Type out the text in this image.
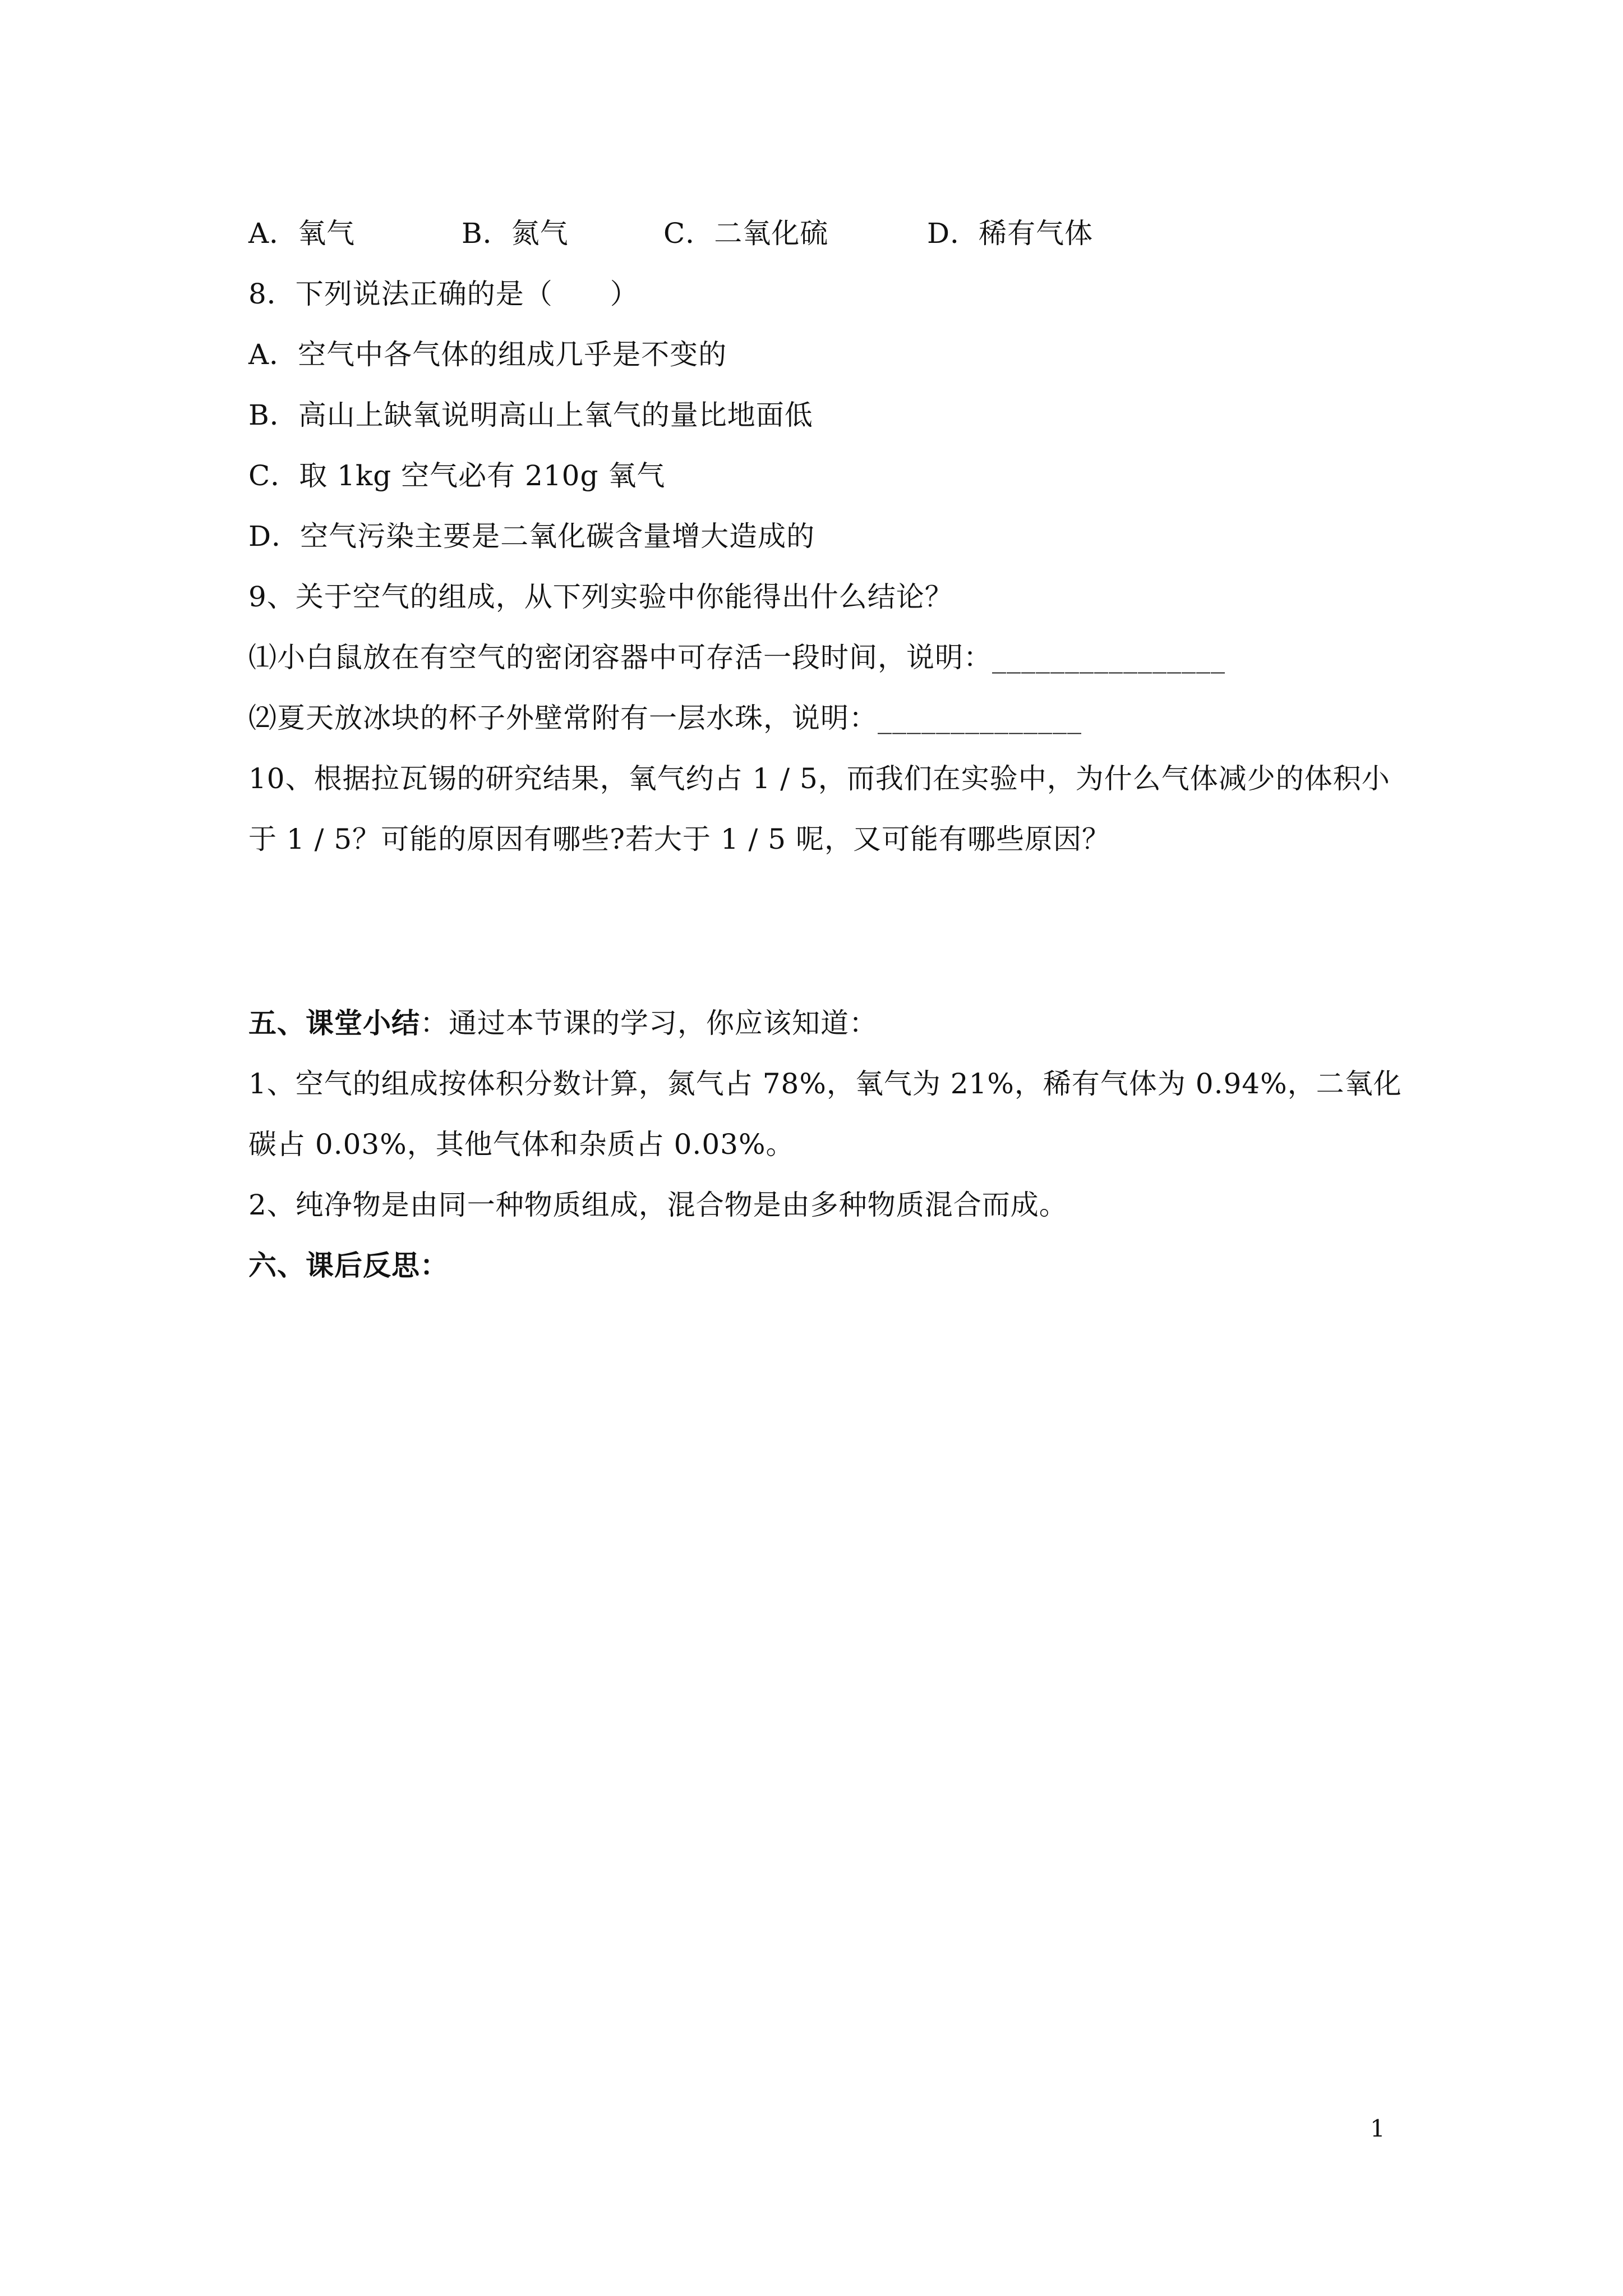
A．氧气	B．氮气	C．二氧化硫	D．稀有气体
8．下列说法正确的是（　　）
A．空气中各气体的组成几乎是不变的
B．高山上缺氧说明高山上氧气的量比地面低
C．取 1kg 空气必有 210g 氧气
D．空气污染主要是二氧化碳含量增大造成的
9、关于空气的组成，从下列实验中你能得出什么结论？
⑴小白鼠放在有空气的密闭容器中可存活一段时间，说明：________________
⑵夏天放冰块的杯子外壁常附有一层水珠，说明：______________
10、根据拉瓦锡的研究结果，氧气约占 1 / 5，而我们在实验中，为什么气体减少的体积小
于 1 / 5？可能的原因有哪些?若大于 1 / 5 呢，又可能有哪些原因？
五、课堂小结：通过本节课的学习，你应该知道：
1、空气的组成按体积分数计算，氮气占 78%，氧气为 21%，稀有气体为 0.94%，二氧化
碳占 0.03%，其他气体和杂质占 0.03%。
2、纯净物是由同一种物质组成，混合物是由多种物质混合而成。
六、课后反思：
1
